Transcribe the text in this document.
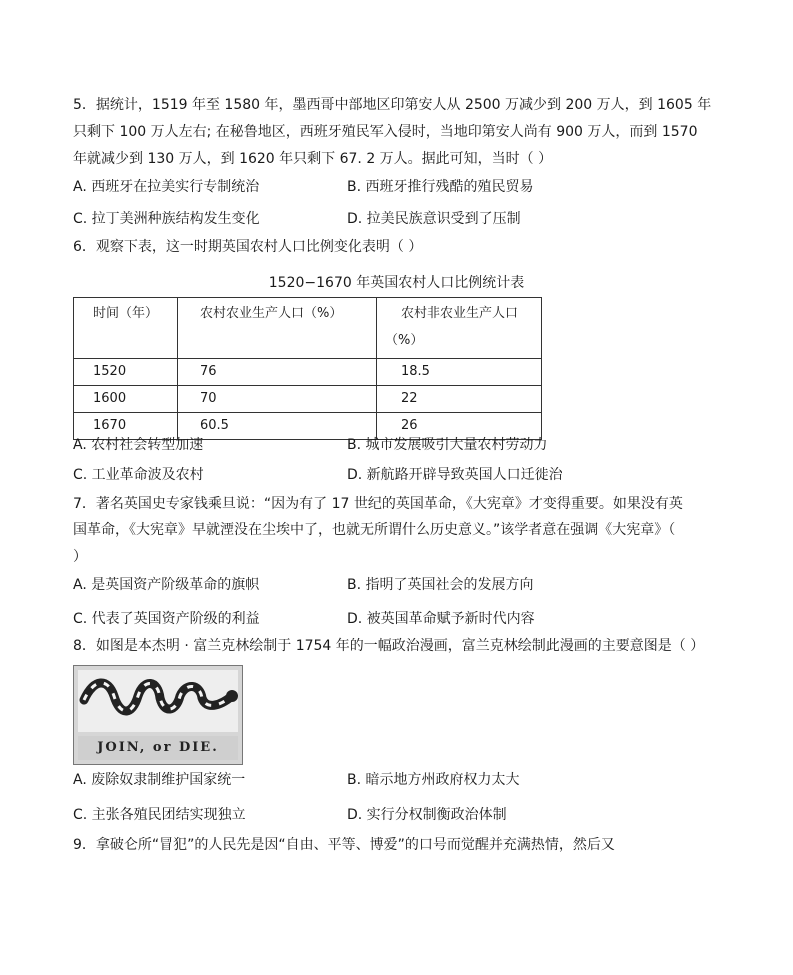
5．据统计，1519 年至 1580 年，墨西哥中部地区印第安人从 2500 万减少到 200 万人，到 1605 年
只剩下 100 万人左右; 在秘鲁地区，西班牙殖民军入侵时，当地印第安人尚有 900 万人，而到 1570
年就减少到 130 万人，到 1620 年只剩下 67. 2 万人。据此可知，当时（ ）
A. 西班牙在拉美实行专制统治	B. 西班牙推行残酷的殖民贸易
C. 拉丁美洲种族结构发生变化	D. 拉美民族意识受到了压制
6．观察下表，这一时期英国农村人口比例变化表明（ ）
1520−1670 年英国农村人口比例统计表
时间（年）	农村农业生产人口（%）	农村非农业生产人口
（%）

1520	76	18.5
1600	70	22
1670	60.5	26
A. 农村社会转型加速	B. 城市发展吸引大量农村劳动力
C. 工业革命波及农村	D. 新航路开辟导致英国人口迁徙治
7．著名英国史专家钱乘旦说：“因为有了 17 世纪的英国革命，《大宪章》才变得重要。如果没有英
国革命，《大宪章》早就湮没在尘埃中了，也就无所谓什么历史意义。”该学者意在强调《大宪章》（
）
A. 是英国资产阶级革命的旗帜	B. 指明了英国社会的发展方向
C. 代表了英国资产阶级的利益	D. 被英国革命赋予新时代内容
8．如图是本杰明 · 富兰克林绘制于 1754 年的一幅政治漫画，富兰克林绘制此漫画的主要意图是（ ）
JOIN, or DIE.
A. 废除奴隶制维护国家统一	B. 暗示地方州政府权力太大
C. 主张各殖民团结实现独立	D. 实行分权制衡政治体制
9．拿破仑所“冒犯”的人民先是因“自由、平等、博爱”的口号而觉醒并充满热情，然后又
